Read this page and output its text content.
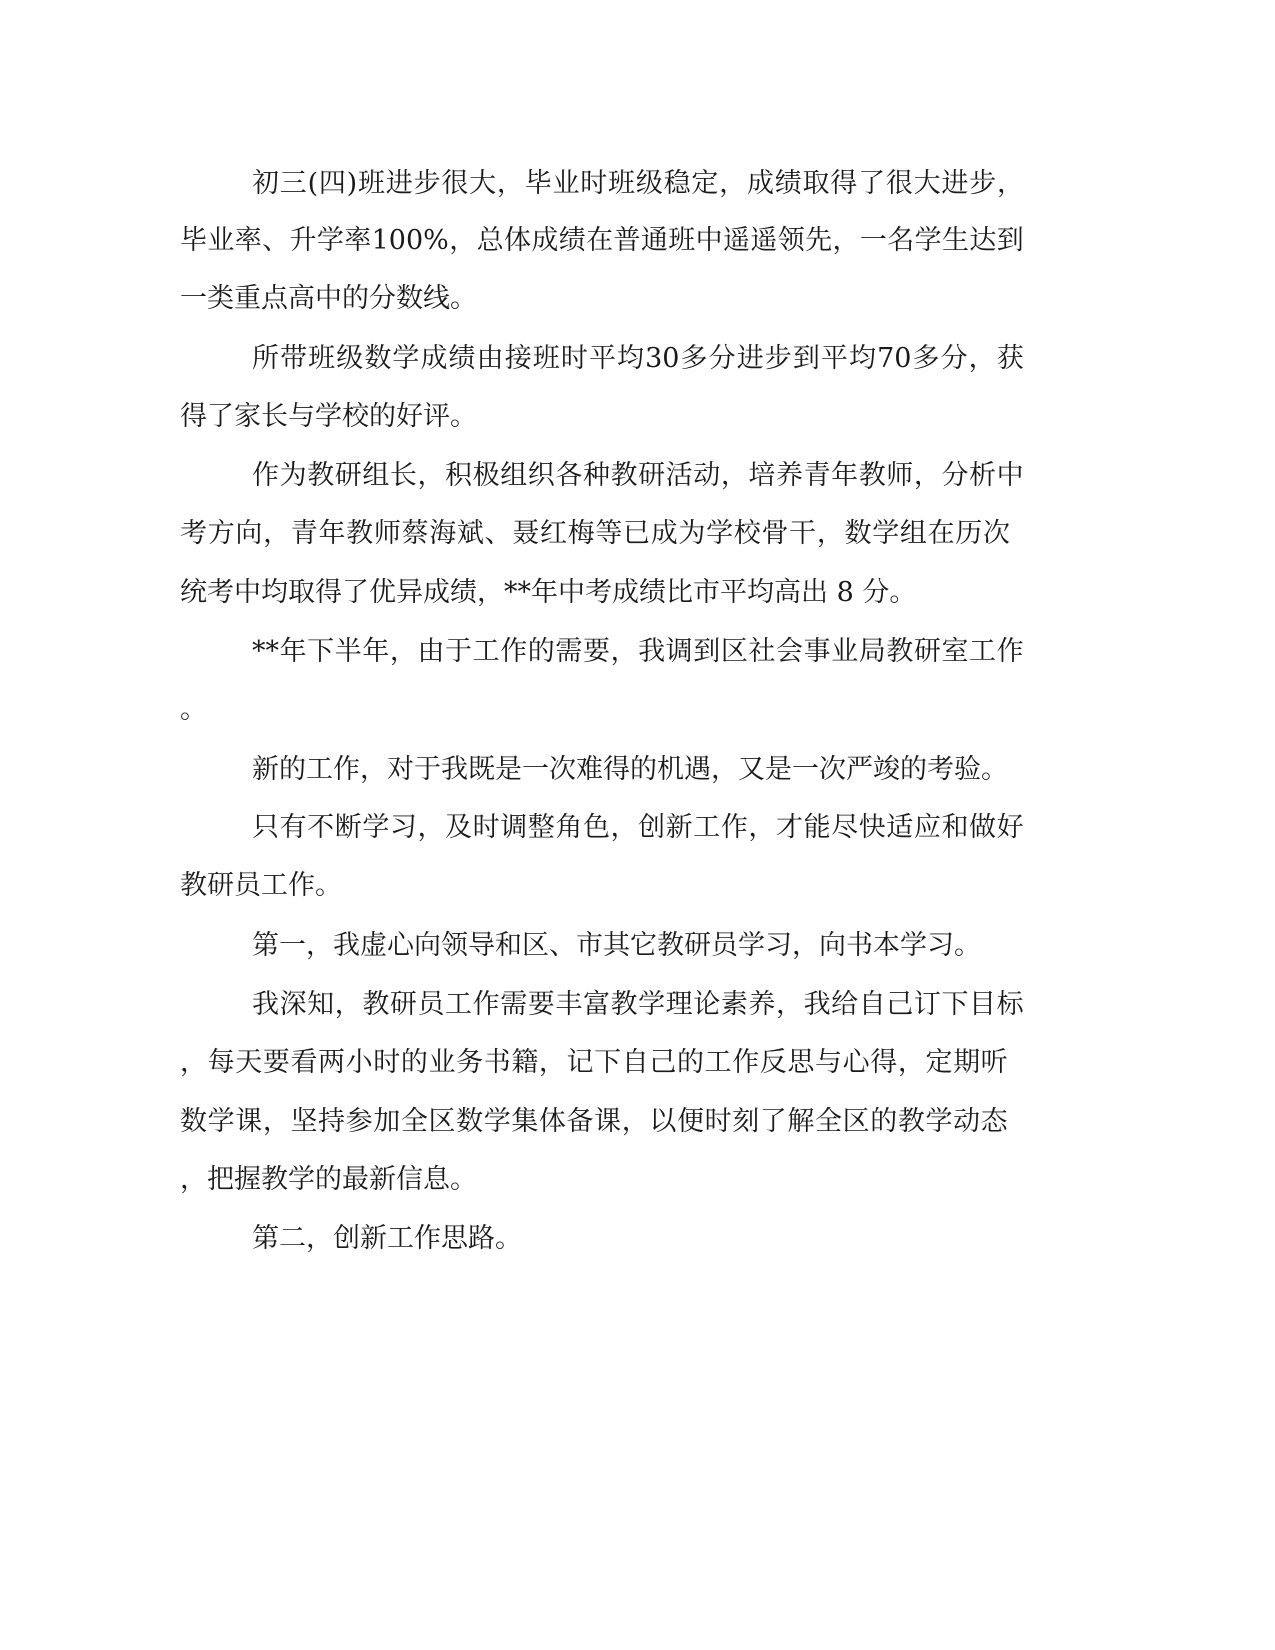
初 三 ( 四 ) 班 进 步 很 大 ， 毕 业 时 班 级 稳 定 ， 成 绩 取 得 了 很 大 进 步 ，
毕 业 率 、 升 学 率 100% ， 总 体 成 绩 在 普 通 班 中 遥 遥 领 先 ， 一 名 学 生 达 到
一类重点高中的分数线。
所 带 班 级 数 学 成 绩 由 接 班 时 平 均 30 多 分 进 步 到 平 均 70 多 分 ， 获
得了家长与学校的好评。
作 为 教 研 组 长 ， 积 极 组 织 各 种 教 研 活 动 ， 培 养 青 年 教 师 ， 分 析 中
考 方 向 ， 青 年 教 师 蔡 海 斌 、 聂 红 梅 等 已 成 为 学 校 骨 干 ， 数 学 组 在 历 次
统考中均取得了优异成绩，**年中考成绩比市平均高出 8 分。
** 年 下 半 年 ， 由 于 工 作 的 需 要 ， 我 调 到 区 社 会 事 业 局 教 研 室 工 作
。
新的工作，对于我既是一次难得的机遇，又是一次严竣的考验。
只 有 不 断 学 习 ， 及 时 调 整 角 色 ， 创 新 工 作 ， 才 能 尽 快 适 应 和 做 好
教研员工作。
第一，我虚心向领导和区、市其它教研员学习，向书本学习。
我 深 知 ， 教 研 员 工 作 需 要 丰 富 教 学 理 论 素 养 ， 我 给 自 己 订 下 目 标
， 每 天 要 看 两 小 时 的 业 务 书 籍 ， 记 下 自 己 的 工 作 反 思 与 心 得 ， 定 期 听
数 学 课 ， 坚 持 参 加 全 区 数 学 集 体 备 课 ， 以 便 时 刻 了 解 全 区 的 教 学 动 态
，把握教学的最新信息。
第二，创新工作思路。
